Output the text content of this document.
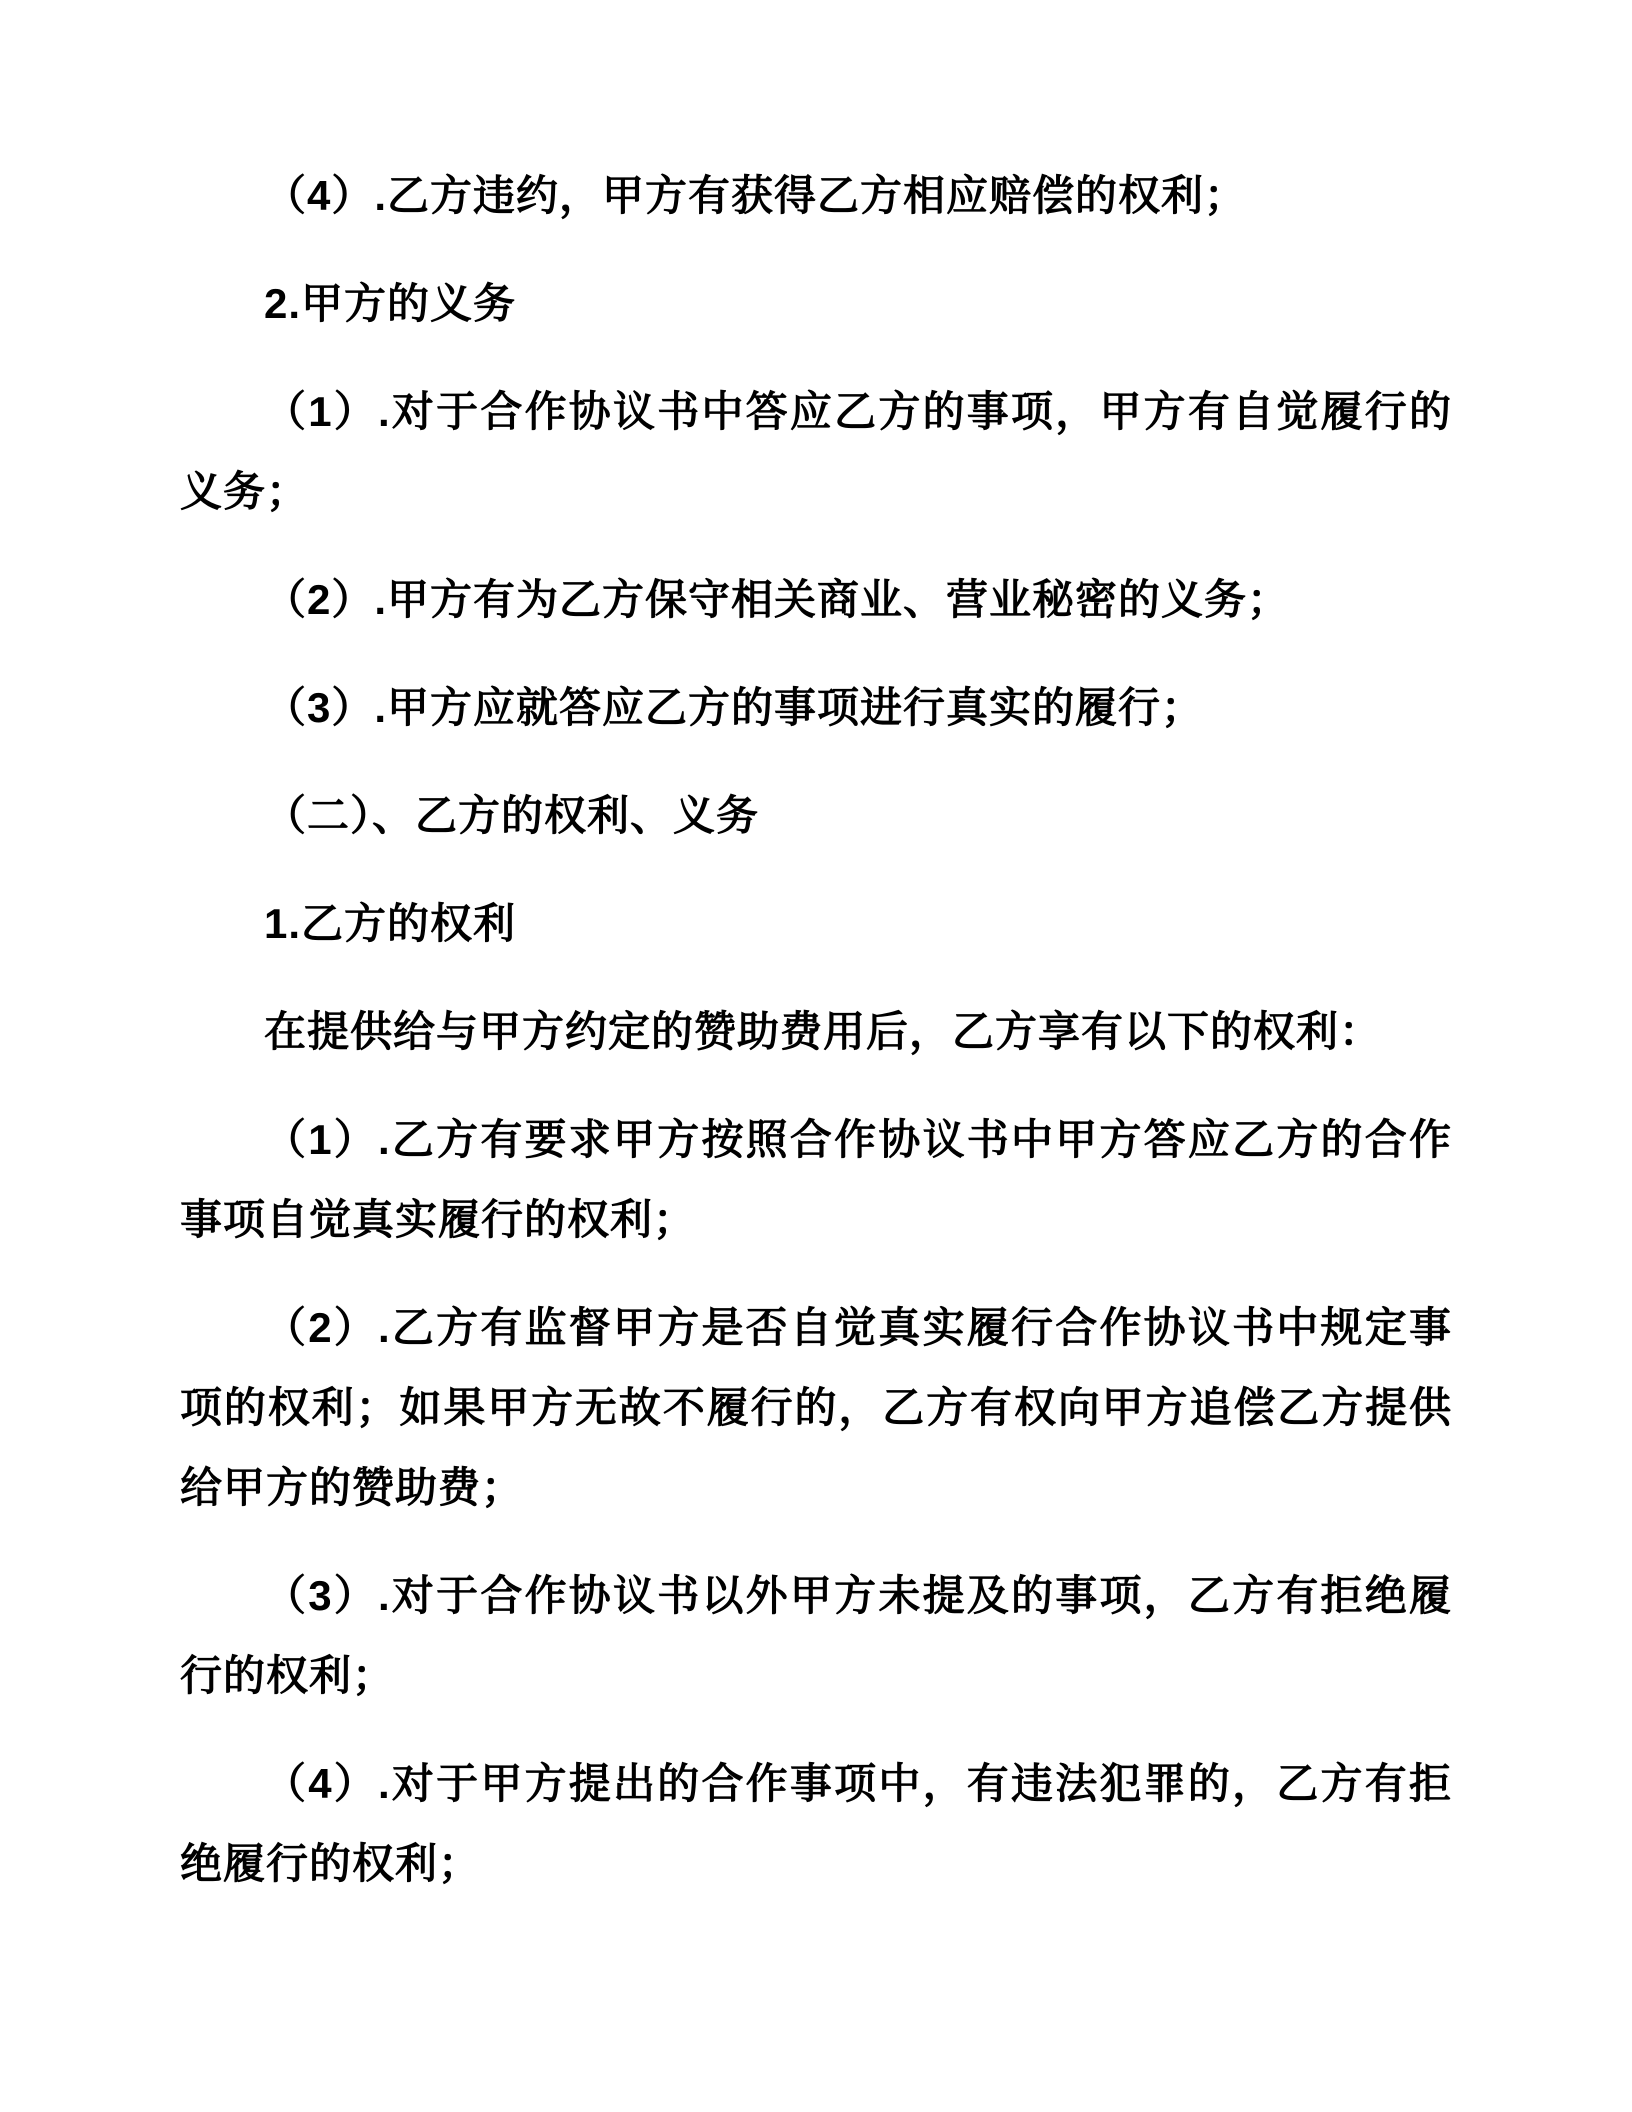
（4）.乙方违约，甲方有获得乙方相应赔偿的权利；

2.甲方的义务

（1）.对于合作协议书中答应乙方的事项，甲方有自觉履行的义务；

（2）.甲方有为乙方保守相关商业、营业秘密的义务；

（3）.甲方应就答应乙方的事项进行真实的履行；

（二）、乙方的权利、义务

1.乙方的权利

在提供给与甲方约定的赞助费用后，乙方享有以下的权利：

（1）.乙方有要求甲方按照合作协议书中甲方答应乙方的合作事项自觉真实履行的权利；

（2）.乙方有监督甲方是否自觉真实履行合作协议书中规定事项的权利；如果甲方无故不履行的，乙方有权向甲方追偿乙方提供给甲方的赞助费；

（3）.对于合作协议书以外甲方未提及的事项，乙方有拒绝履行的权利；

（4）.对于甲方提出的合作事项中，有违法犯罪的，乙方有拒绝履行的权利；
